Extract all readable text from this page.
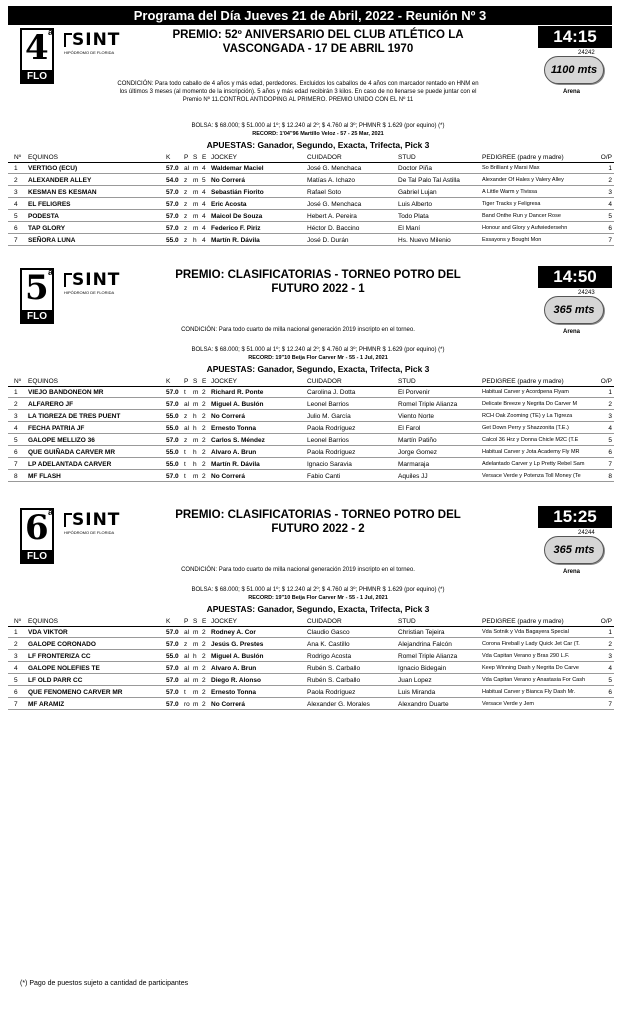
Programa del Día Jueves 21 de Abril, 2022 - Reunión Nº 3
4 a
FLO
SINT
HIPÓDROMO DE FLORIDA
PREMIO: 52º ANIVERSARIO DEL CLUB ATLÉTICO LA
VASCONGADA - 17 DE ABRIL 1970
14:15
24242
1100 mts
Arena
CONDICIÓN: Para todo caballo de 4 años y más edad, perdedores. Excluidos los caballos de 4 años con marcador rentado en HNM en
los últimos 3 meses (al momento de la inscripción). 5 años y más edad recibirán 3 kilos. En caso de no llenarse se puede juntar con el
Premio Nº 11.CONTROL ANTIDOPING AL PRIMERO. PREMIO UNIDO CON EL Nº 11
BOLSA: $ 68.000; $ 51.000 al 1º; $ 12.240 al 2º; $ 4.760 al 3º; PHMNR $ 1.629 (por equino) (*)
RECORD: 1'04"96 Martillo Veloz - 57 - 25 Mar, 2021
APUESTAS: Ganador, Segundo, Exacta, Trifecta, Pick 3
Nº	EQUINOS	K	P S E JOCKEY	CUIDADOR	STUD	PEDIGREE (padre y madre)	O/P
1	VERTIGO (ECU)	57.0 al m 4 Waldemar Maciel	José G. Menchaca	Doctor Piña	So Brilliant y Marsi Max	1
2	ALEXANDER ALLEY	54.0 z m 5 No Correrá	Matías A. Ichazo	De Tal Palo Tal Astilla	Alexander Of Hales y Valery Alley	2
3	KESMAN ES KESMAN	57.0 z m 4 Sebastián Fiorito	Rafael Soto	Gabriel Lujan	A Little Warm y Tivissa	3
4	EL FELIGRES	57.0 z m 4 Eric Acosta	José G. Menchaca	Luis Alberto	Tiger Tracks y Feligresa	4
5	PODESTA	57.0 z m 4 Maicol De Souza	Hebert A. Pereira	Todo Plata	Band Onthe Run y Dancer Rose	5
6	TAP GLORY	57.0 z m 4 Federico F. Piriz	Héctor D. Baccino	El Maní	Honour and Glory y Aufwiedersehn	6
7	SEÑORA LUNA	55.0 z h 4 Martín R. Dávila	José D. Durán	Hs. Nuevo Milenio	Essayons y Bought Mon	7
5 a
FLO
SINT
HIPÓDROMO DE FLORIDA
PREMIO: CLASIFICATORIAS - TORNEO POTRO DEL
FUTURO 2022 - 1
14:50
24243
365 mts
Arena
CONDICIÓN: Para todo cuarto de milla nacional generación 2019 inscripto en el torneo.
BOLSA: $ 68.000; $ 51.000 al 1º; $ 12.240 al 2º; $ 4.760 al 3º; PHMNR $ 1.629 (por equino) (*)
RECORD: 19"10 Beija Flor Carver Mr - 55 - 1 Jul, 2021
APUESTAS: Ganador, Segundo, Exacta, Trifecta, Pick 3
Nº	EQUINOS	K	P S E JOCKEY	CUIDADOR	STUD	PEDIGREE (padre y madre)	O/P
1	VIEJO BANDONEON MR	57.0 t	m 2 Richard R. Ponte	Carolina J. Dotta	El Porvenir	Habitual Carver y Acordpena Flyam	1
2	ALFARERO JF	57.0 al m 2 Miguel A. Buslón	Leonel Barrios	Romel Triple Alianza	Delicate Breeze y Negrita Do Carver M	2
3	LA TIGREZA DE TRES PUENT	55.0 z h 2 No Correrá	Julio M. García	Viento Norte	RCH Oak Zooming (TE) y La Tigreza	3
4	FECHA PATRIA JF	55.0 al h 2 Ernesto Tonna	Paola Rodríguez	El Farol	Get Down Perry y Shazzonita (T.E.)	4
5	GALOPE MELLIZO 36	57.0 z m 2 Carlos S. Méndez	Leonel Barrios	Martín Patiño	Calcol 36 Hrz y Donna Chicle M2C (T.E	5
6	QUE GUIÑADA CARVER MR	55.0 t	h 2 Alvaro A. Brun	Paola Rodríguez	Jorge Gomez	Habitual Carver y Jota Academy Fly MR	6
7	LP ADELANTADA CARVER	55.0 t	h 2 Martín R. Dávila	Ignacio Saravia	Marmaraja	Adelantado Carver y Lp Pretty Rebel Sam	7
8	MF FLASH	57.0 t	m 2 No Correrá	Fabio Canti	Aquiles JJ	Versace Verde y Potenza Toll Money (Te	8
6 a
FLO
SINT
HIPÓDROMO DE FLORIDA
PREMIO: CLASIFICATORIAS - TORNEO POTRO DEL
FUTURO 2022 - 2
15:25
24244
365 mts
Arena
CONDICIÓN: Para todo cuarto de milla nacional generación 2019 inscripto en el torneo.
BOLSA: $ 68.000; $ 51.000 al 1º; $ 12.240 al 2º; $ 4.760 al 3º; PHMNR $ 1.629 (por equino) (*)
RECORD: 19"10 Beija Flor Carver Mr - 55 - 1 Jul, 2021
APUESTAS: Ganador, Segundo, Exacta, Trifecta, Pick 3
Nº	EQUINOS	K	P S E JOCKEY	CUIDADOR	STUD	PEDIGREE (padre y madre)	O/P
1	VDA VIKTOR	57.0 al m 2 Rodney A. Cor	Claudio Gasco	Christian Tejeira	Vda Sotnik y Vda Bagayera Special	1
2	GALOPE CORONADO	57.0 z m 2 Jesús G. Prestes	Ana K. Castillo	Alejandrina Falcón	Corona Fireball y Lady Quick Jet Car (T.	2
3	LF FRONTERIZA CC	55.0 al h 2 Miguel A. Buslón	Rodrigo Acosta	Romel Triple Alianza	Vda Capitan Verano y Bras 290 L.F.	3
4	GALOPE NOLEFIES TE	57.0 al m 2 Alvaro A. Brun	Rubén S. Carballo	Ignacio Bidegain	Keep Winning Dash y Negrita Do Carve	4
5	LF OLD PARR CC	57.0 al m 2 Diego R. Alonso	Rubén S. Carballo	Juan Lopez	Vda Capitan Verano y Anastasia For Cash	5
6	QUE FENOMENO CARVER MR	57.0 t	m 2 Ernesto Tonna	Paola Rodríguez	Luis Miranda	Habitual Carver y Bianca Fly Dash Mr.	6
7	MF ARAMIZ	57.0 ro m 2 No Correrá	Alexander G. Morales	Alexandro Duarte	Versace Verde y Jem	7
(*) Pago de puestos sujeto a cantidad de participantes
